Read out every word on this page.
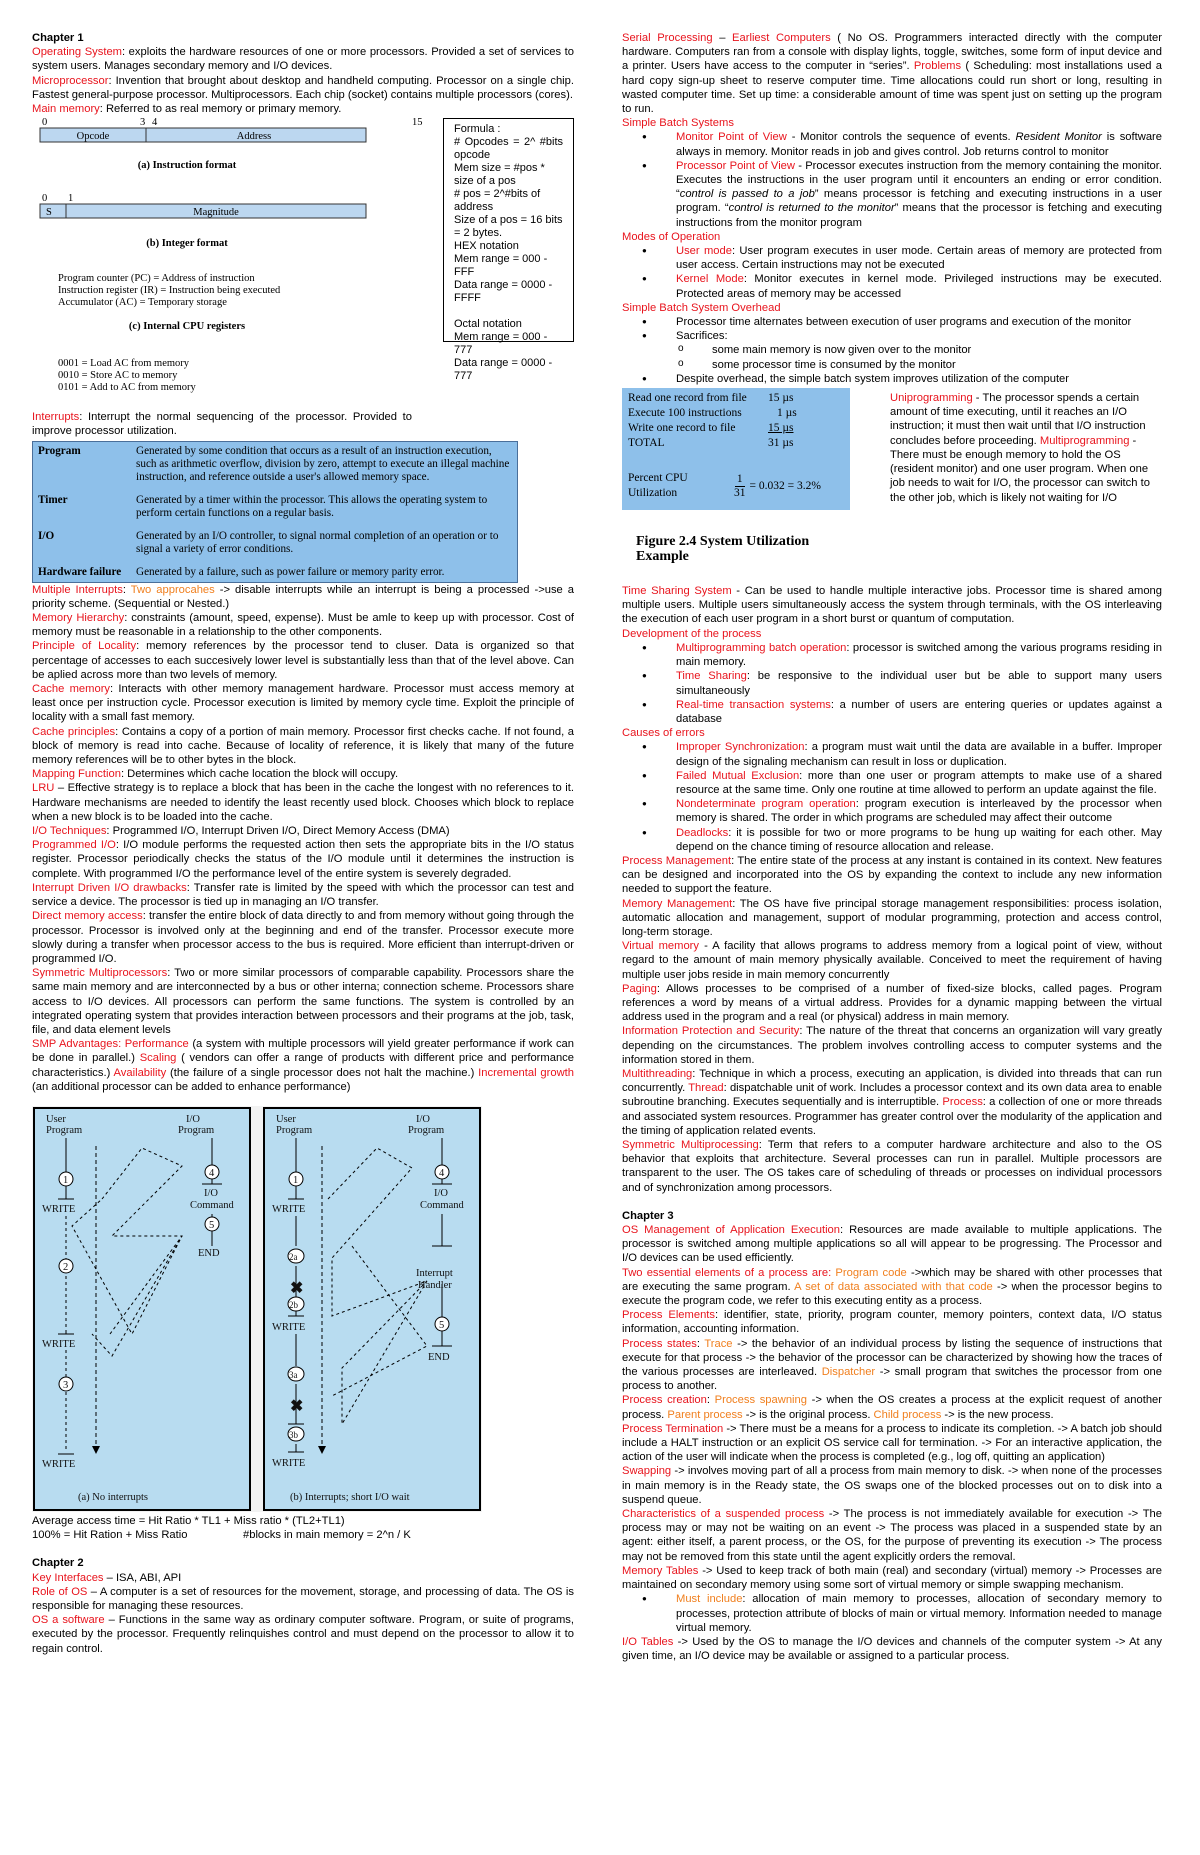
Chapter 1

Operating System: exploits the hardware resources of one or more processors. Provided a set of services to system users. Manages secondary memory and I/O devices.

Microprocessor: Invention that brought about desktop and handheld computing. Processor on a single chip. Fastest general-purpose processor. Multiprocessors. Each chip (socket) contains multiple processors (cores).

Main memory: Referred to as real memory or primary memory.

0	3 4	15
Opcode	Address
(a) Instruction format
0 1
S	Magnitude
(b) Integer format
Program counter (PC) = Address of instruction
Instruction register (IR) = Instruction being executed
Accumulator (AC) = Temporary storage
(c) Internal CPU registers
0001 = Load AC from memory
0010 = Store AC to memory
0101 = Add to AC from memory
Formula :
# Opcodes = 2^ #bits opcode
Mem size = #pos * size of a pos
# pos = 2^#bits of address
Size of a pos = 16 bits = 2 bytes.
HEX notation
Mem range = 000 - FFF
Data range = 0000 - FFFF
Octal notation
Mem range = 000 - 777
Data range = 0000 - 777

Interrupts: Interrupt the normal sequencing of the processor. Provided to improve processor utilization.

Program	Generated by some condition that occurs as a result of an instruction execution, such as arithmetic overflow, division by zero, attempt to execute an illegal machine instruction, and reference outside a user's allowed memory space.
Timer	Generated by a timer within the processor. This allows the operating system to perform certain functions on a regular basis.
I/O	Generated by an I/O controller, to signal normal completion of an operation or to signal a variety of error conditions.
Hardware failure	Generated by a failure, such as power failure or memory parity error.

Multiple Interrupts: Two approcahes -> disable interrupts while an interrupt is being a processed ->use a priority scheme. (Sequential or Nested.)

Memory Hierarchy: constraints (amount, speed, expense). Must be amle to keep up with processor. Cost of memory must be reasonable in a relationship to the other components.

Principle of Locality: memory references by the processor tend to cluser. Data is organized so that percentage of accesses to each succesively lower level is substantially less than that of the level above. Can be aplied across more than two levels of memory.

Cache memory: Interacts with other memory management hardware. Processor must access memory at least once per instruction cycle. Processor execution is limited by memory cycle time. Exploit the principle of locality with a small fast memory.

Cache principles: Contains a copy of a portion of main memory. Processor first checks cache. If not found, a block of memory is read into cache. Because of locality of reference, it is likely that many of the future memory references will be to other bytes in the block.

Mapping Function: Determines which cache location the block will occupy.

LRU – Effective strategy is to replace a block that has been in the cache the longest with no references to it. Hardware mechanisms are needed to identify the least recently used block. Chooses which block to replace when a new block is to be loaded into the cache.

I/O Techniques: Programmed I/O, Interrupt Driven I/O, Direct Memory Access (DMA)

Programmed I/O: I/O module performs the requested action then sets the appropriate bits in the I/O status register. Processor periodically checks the status of the I/O module until it determines the instruction is complete. With programmed I/O the performance level of the entire system is severely degraded.

Interrupt Driven I/O drawbacks: Transfer rate is limited by the speed with which the processor can test and service a device. The processor is tied up in managing an I/O transfer.

Direct memory access: transfer the entire block of data directly to and from memory without going through the processor. Processor is involved only at the beginning and end of the transfer. Processor execute more slowly during a transfer when processor access to the bus is required. More efficient than interrupt-driven or programmed I/O.

Symmetric Multiprocessors: Two or more similar processors of comparable capability. Processors share the same main memory and are interconnected by a bus or other interna; connection scheme. Processors share access to I/O devices. All processors can perform the same functions. The system is controlled by an integrated operating system that provides interaction between processors and their programs at the job, task, file, and data element levels

SMP Advantages: Performance (a system with multiple processors will yield greater performance if work can be done in parallel.) Scaling ( vendors can offer a range of products with different price and performance characteristics.) Availability (the failure of a single processor does not halt the machine.) Incremental growth (an additional processor can be added to enhance performance)

User
Program
I/O
Program
User
Program
I/O
Program
1
4
WRITE
I/O
Command
5
END
2
WRITE
3
WRITE
(a) No interrupts
1
4
WRITE
I/O
Command
2a
✖
2b
WRITE
Interrupt
Handler
5
END
3a
✖
3b
WRITE
(b) Interrupts; short I/O wait

Average access time = Hit Ratio * TL1 + Miss ratio * (TL2+TL1)

100% = Hit Ration + Miss Ratio	#blocks in main memory = 2^n / K
Chapter 2

Key Interfaces – ISA, ABI, API

Role of OS – A computer is a set of resources for the movement, storage, and processing of data. The OS is responsible for managing these resources.

OS a software – Functions in the same way as ordinary computer software. Program, or suite of programs, executed by the processor. Frequently relinquishes control and must depend on the processor to allow it to regain control.

Serial Processing – Earliest Computers ( No OS. Programmers interacted directly with the computer hardware. Computers ran from a console with display lights, toggle, switches, some form of input device and a printer. Users have access to the computer in “series”. Problems ( Scheduling: most installations used a hard copy sign-up sheet to reserve computer time. Time allocations could run short or long, resulting in wasted computer time. Set up time: a considerable amount of time was spent just on setting up the program to run.

Simple Batch Systems
● Monitor Point of View - Monitor controls the sequence of events. Resident Monitor is software always in memory. Monitor reads in job and gives control. Job returns control to monitor
● Processor Point of View - Processor executes instruction from the memory containing the monitor. Executes the instructions in the user program until it encounters an ending or error condition. “control is passed to a job” means processor is fetching and executing instructions in a user program. “control is returned to the monitor” means that the processor is fetching and executing instructions from the monitor program
Modes of Operation
● User mode: User program executes in user mode. Certain areas of memory are protected from user access. Certain instructions may not be executed
● Kernel Mode: Monitor executes in kernel mode. Privileged instructions may be executed. Protected areas of memory may be accessed
Simple Batch System Overhead
● Processor time alternates between execution of user programs and execution of the monitor
● Sacrifices:
o some main memory is now given over to the monitor
o some processor time is consumed by the monitor
● Despite overhead, the simple batch system improves utilization of the computer
Read one record from file	15 µs
Execute 100 instructions	1 µs
Write one record to file	15 µs
TOTAL	31 µs
Percent CPU Utilization	$\frac{1}{31} = 0.032 = 3.2\%$
Figure 2.4 System Utilization Example

Uniprogramming - The processor spends a certain amount of time executing, until it reaches an I/O instruction; it must then wait until that I/O instruction concludes before proceeding. Multiprogramming - There must be enough memory to hold the OS (resident monitor) and one user program. When one job needs to wait for I/O, the processor can switch to the other job, which is likely not waiting for I/O

Time Sharing System - Can be used to handle multiple interactive jobs. Processor time is shared among multiple users. Multiple users simultaneously access the system through terminals, with the OS interleaving the execution of each user program in a short burst or quantum of computation.

Development of the process
● Multiprogramming batch operation: processor is switched among the various programs residing in main memory.
● Time Sharing: be responsive to the individual user but be able to support many users simultaneously
● Real-time transaction systems: a number of users are entering queries or updates against a database
Causes of errors
● Improper Synchronization: a program must wait until the data are available in a buffer. Improper design of the signaling mechanism can result in loss or duplication.
● Failed Mutual Exclusion: more than one user or program attempts to make use of a shared resource at the same time. Only one routine at time allowed to perform an update against the file.
● Nondeterminate program operation: program execution is interleaved by the processor when memory is shared. The order in which programs are scheduled may affect their outcome
● Deadlocks: it is possible for two or more programs to be hung up waiting for each other. May depend on the chance timing of resource allocation and release.

Process Management: The entire state of the process at any instant is contained in its context. New features can be designed and incorporated into the OS by expanding the context to include any new information needed to support the feature.

Memory Management: The OS have five principal storage management responsibilities: process isolation, automatic allocation and management, support of modular programming, protection and access control, long-term storage.

Virtual memory - A facility that allows programs to address memory from a logical point of view, without regard to the amount of main memory physically available. Conceived to meet the requirement of having multiple user jobs reside in main memory concurrently

Paging: Allows processes to be comprised of a number of fixed-size blocks, called pages. Program references a word by means of a virtual address. Provides for a dynamic mapping between the virtual address used in the program and a real (or physical) address in main memory.

Information Protection and Security: The nature of the threat that concerns an organization will vary greatly depending on the circumstances. The problem involves controlling access to computer systems and the information stored in them.

Multithreading: Technique in which a process, executing an application, is divided into threads that can run concurrently. Thread: dispatchable unit of work. Includes a processor context and its own data area to enable subroutine branching. Executes sequentially and is interruptible. Process: a collection of one or more threads and associated system resources. Programmer has greater control over the modularity of the application and the timing of application related events.

Symmetric Multiprocessing: Term that refers to a computer hardware architecture and also to the OS behavior that exploits that architecture. Several processes can run in parallel. Multiple processors are transparent to the user. The OS takes care of scheduling of threads or processes on individual processors and of synchronization among processors.

Chapter 3

OS Management of Application Execution: Resources are made available to multiple applications. The processor is switched among multiple applications so all will appear to be progressing. The Processor and I/O devices can be used efficiently.

Two essential elements of a process are: Program code ->which may be shared with other processes that are executing the same program. A set of data associated with that code -> when the processor begins to execute the program code, we refer to this executing entity as a process.

Process Elements: identifier, state, priority, program counter, memory pointers, context data, I/O status information, accounting information.

Process states: Trace -> the behavior of an individual process by listing the sequence of instructions that execute for that process -> the behavior of the processor can be characterized by showing how the traces of the various processes are interleaved. Dispatcher -> small program that switches the processor from one process to another.

Process creation: Process spawning -> when the OS creates a process at the explicit request of another process. Parent process -> is the original process. Child process -> is the new process.

Process Termination -> There must be a means for a process to indicate its completion. -> A batch job should include a HALT instruction or an explicit OS service call for termination. -> For an interactive application, the action of the user will indicate when the process is completed (e.g., log off, quitting an application)

Swapping -> involves moving part of all a process from main memory to disk. -> when none of the processes in main memory is in the Ready state, the OS swaps one of the blocked processes out on to disk into a suspend queue.

Characteristics of a suspended process -> The process is not immediately available for execution -> The process may or may not be waiting on an event -> The process was placed in a suspended state by an agent: either itself, a parent process, or the OS, for the purpose of preventing its execution -> The process may not be removed from this state until the agent explicitly orders the removal.

Memory Tables -> Used to keep track of both main (real) and secondary (virtual) memory -> Processes are maintained on secondary memory using some sort of virtual memory or simple swapping mechanism.

● Must include: allocation of main memory to processes, allocation of secondary memory to processes, protection attribute of blocks of main or virtual memory. Information needed to manage virtual memory.

I/O Tables -> Used by the OS to manage the I/O devices and channels of the computer system -> At any given time, an I/O device may be available or assigned to a particular process.
